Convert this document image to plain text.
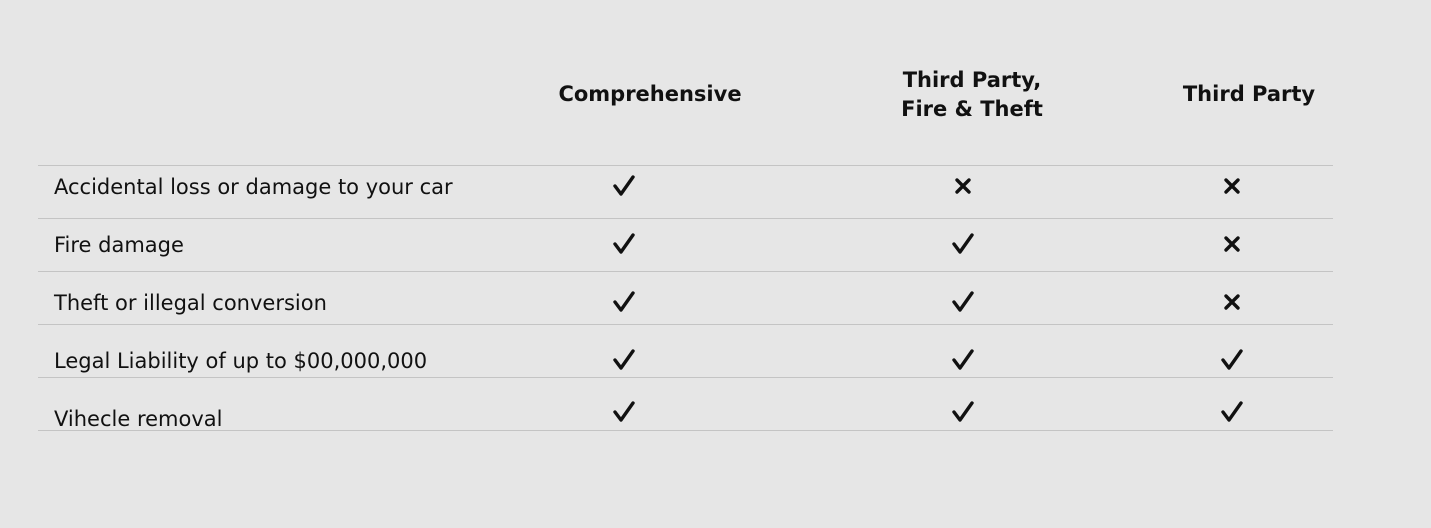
Comprehensive
Third Party,
Fire & Theft
Third Party
Accidental loss or damage to your car
Fire damage
Theft or illegal conversion
Legal Liability of up to $00,000,000
Vihecle removal
